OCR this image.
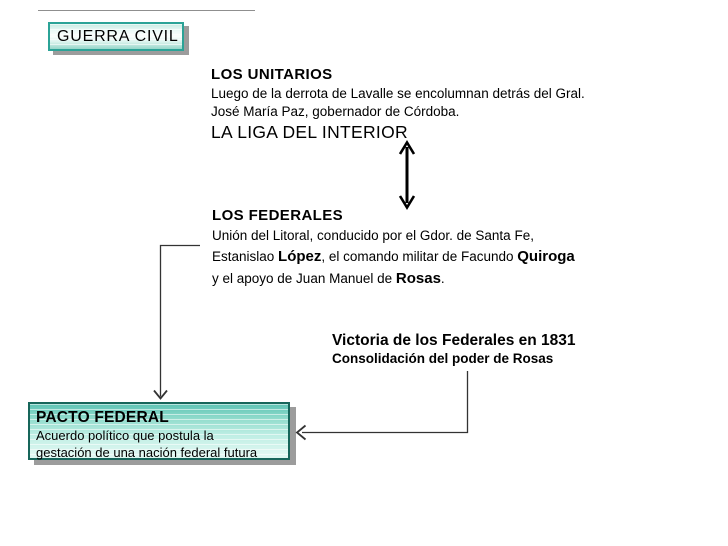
GUERRA CIVIL
LOS UNITARIOS
Luego de la derrota de Lavalle se encolumnan detrás del Gral.
José María Paz, gobernador de Córdoba.
LA LIGA DEL INTERIOR
LOS FEDERALES
Unión del Litoral, conducido por el Gdor. de Santa Fe,
Estanislao López, el comando militar de Facundo Quiroga
y el apoyo de Juan Manuel de Rosas.
Victoria de los Federales en 1831
Consolidación del poder de Rosas
PACTO FEDERAL
Acuerdo político que postula la
gestación de una nación federal futura
